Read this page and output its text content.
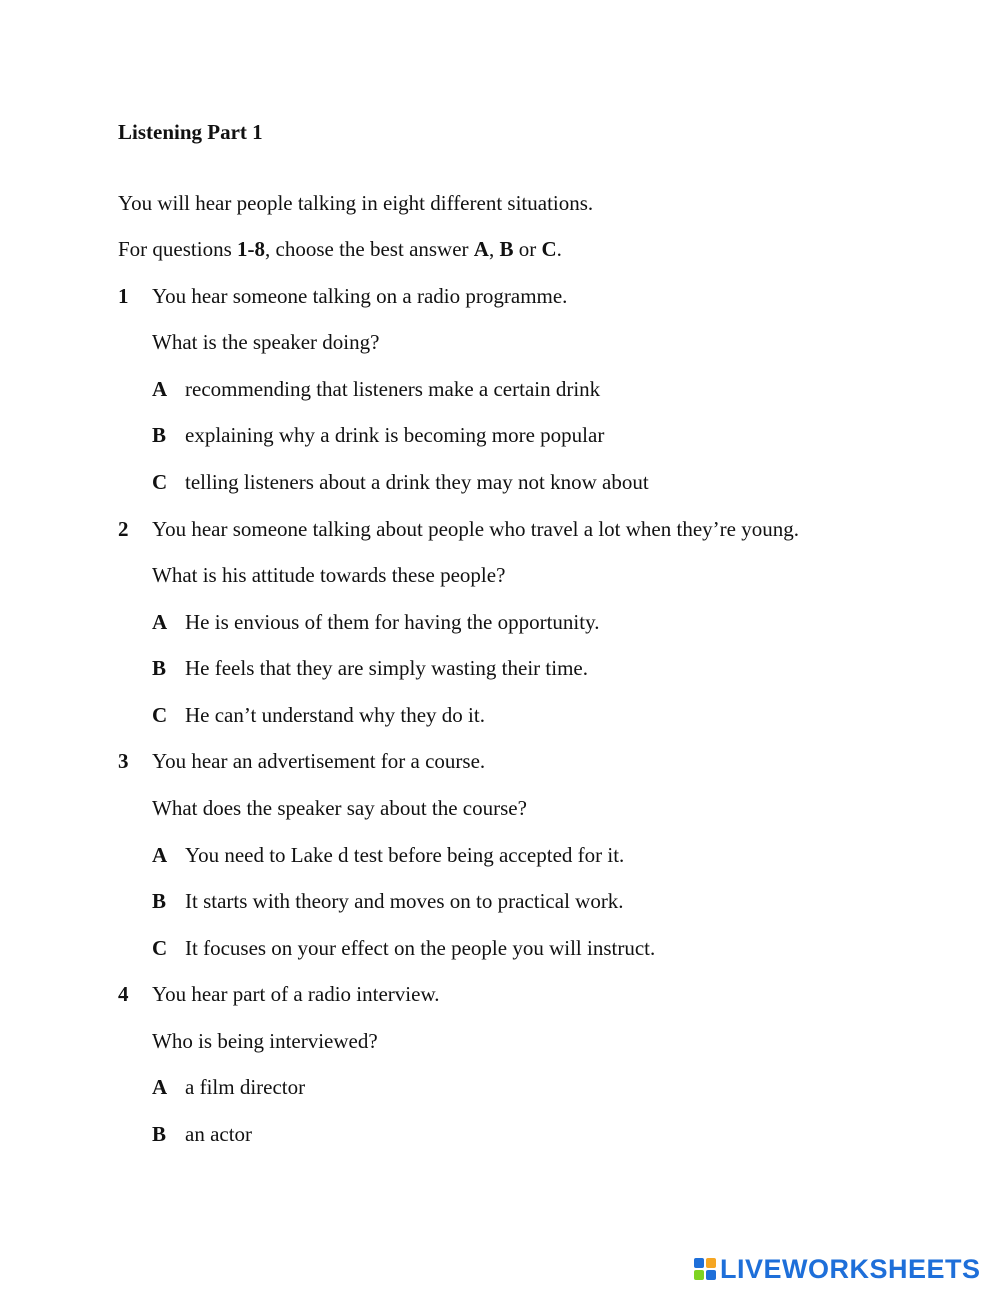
Listening Part 1
You will hear people talking in eight different situations.
For questions 1-8, choose the best answer A, B or C.
1 You hear someone talking on a radio programme.
What is the speaker doing?
A recommending that listeners make a certain drink
B explaining why a drink is becoming more popular
C telling listeners about a drink they may not know about
2 You hear someone talking about people who travel a lot when they’re young.
What is his attitude towards these people?
A He is envious of them for having the opportunity.
B He feels that they are simply wasting their time.
C He can’t understand why they do it.
3 You hear an advertisement for a course.
What does the speaker say about the course?
A You need to Lake d test before being accepted for it.
B It starts with theory and moves on to practical work.
C It focuses on your effect on the people you will instruct.
4 You hear part of a radio interview.
Who is being interviewed?
A a film director
B an actor
LIVEWORKSHEETS
